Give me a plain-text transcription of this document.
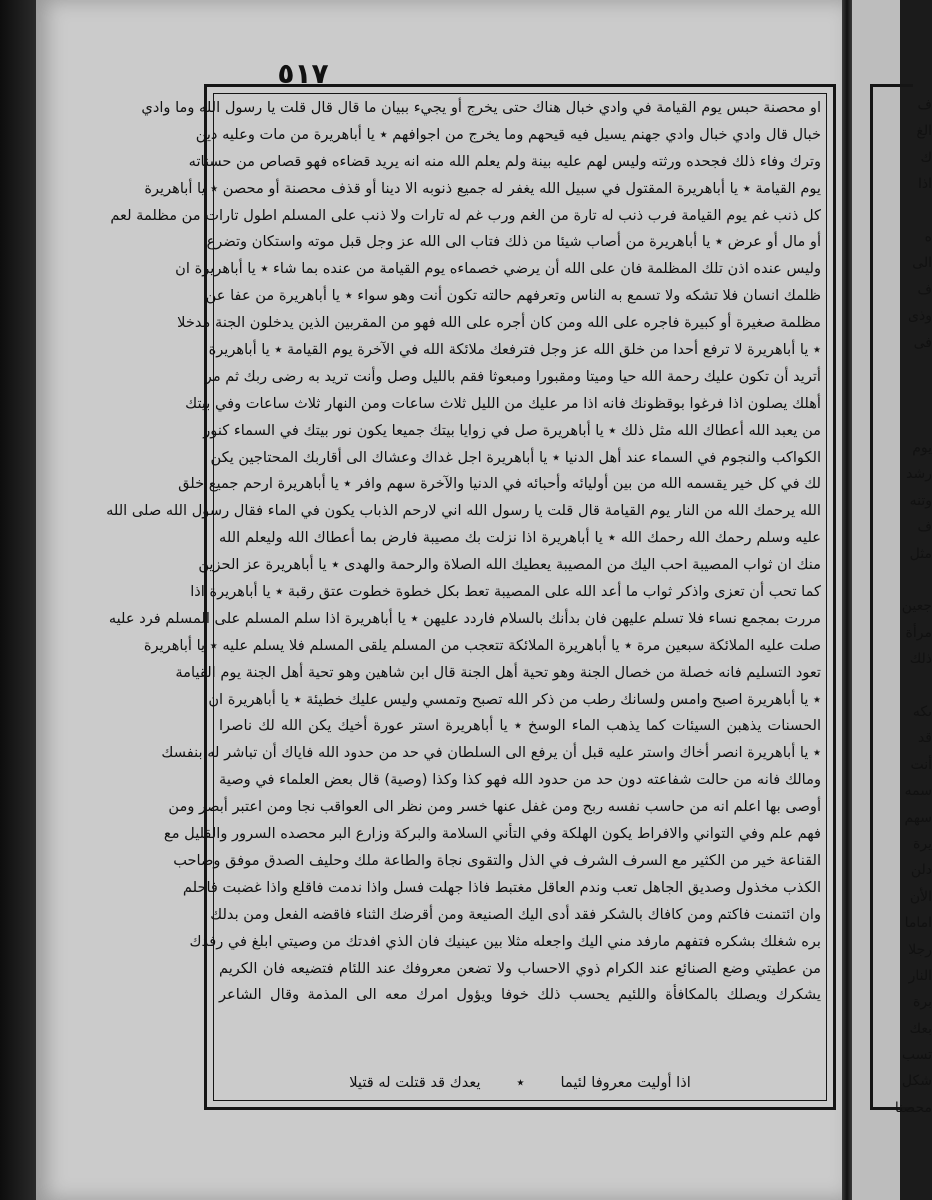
٥١٧
او محصنة حبس يوم القيامة في وادي خبال هناك حتى يخرج أو يجيء ببيان ما قال قال قلت يا رسول الله وما وادي
خبال قال وادي خبال وادي جهنم يسيل فيه قيحهم وما يخرج من اجوافهم ٭ يا أباهريرة من مات وعليه دين
وترك وفاء ذلك فجحده ورثته وليس لهم عليه بينة ولم يعلم الله منه انه يريد قضاءه فهو قصاص من حسناته
يوم القيامة ٭ يا أباهريرة المقتول في سبيل الله يغفر له جميع ذنوبه الا دينا أو قذف محصنة أو محصن ٭ يا أباهريرة
كل ذنب غم يوم القيامة فرب ذنب له تارة من الغم ورب غم له تارات ولا ذنب على المسلم اطول تارات من مظلمة لعم
أو مال أو عرض ٭ يا أباهريرة من أصاب شيئا من ذلك فتاب الى الله عز وجل قبل موته واستكان وتضرع
وليس عنده اذن تلك المظلمة فان على الله أن يرضي خصماءه يوم القيامة من عنده بما شاء ٭ يا أباهريرة ان
ظلمك انسان فلا تشكه ولا تسمع به الناس وتعرفهم حالته تكون أنت وهو سواء ٭ يا أباهريرة من عفا عن
مظلمة صغيرة أو كبيرة فاجره على الله ومن كان أجره على الله فهو من المقربين الذين يدخلون الجنة مدخلا
٭ يا أباهريرة لا ترفع أحدا من خلق الله عز وجل فترفعك ملائكة الله في الآخرة يوم القيامة ٭ يا أباهريرة
أتريد أن تكون عليك رحمة الله حيا وميتا ومقبورا ومبعوثا فقم بالليل وصل وأنت تريد به رضى ربك ثم مر
أهلك يصلون اذا فرغوا بوقظونك فانه اذا مر عليك من الليل ثلاث ساعات ومن النهار ثلاث ساعات وفي بيتك
من يعبد الله أعطاك الله مثل ذلك ٭ يا أباهريرة صل في زوايا بيتك جميعا يكون نور بيتك في السماء كنور
الكواكب والنجوم في السماء عند أهل الدنيا ٭ يا أباهريرة اجل غداك وعشاك الى أقاربك المحتاجين يكن
لك في كل خير يقسمه الله من بين أوليائه وأحبائه في الدنيا والآخرة سهم وافر ٭ يا أباهريرة ارحم جميع خلق
الله يرحمك الله من النار يوم القيامة قال قلت يا رسول الله اني لارحم الذباب يكون في الماء فقال رسول الله صلى الله
عليه وسلم رحمك الله رحمك الله ٭ يا أباهريرة اذا نزلت بك مصيبة فارض بما أعطاك الله وليعلم الله
منك ان ثواب المصيبة احب اليك من المصيبة يعطيك الله الصلاة والرحمة والهدى ٭ يا أباهريرة عز الحزين
كما تحب أن تعزى واذكر ثواب ما أعد الله على المصيبة تعط بكل خطوة خطوت عتق رقبة ٭ يا أباهريرة اذا
مررت بمجمع نساء فلا تسلم عليهن فان بدأنك بالسلام فاردد عليهن ٭ يا أباهريرة اذا سلم المسلم على المسلم فرد عليه
صلت عليه الملائكة سبعين مرة ٭ يا أباهريرة الملائكة تتعجب من المسلم يلقى المسلم فلا يسلم عليه ٭ يا أباهريرة
تعود التسليم فانه خصلة من خصال الجنة وهو تحية أهل الجنة قال ابن شاهين وهو تحية أهل الجنة يوم القيامة
٭ يا أباهريرة اصبح وامس ولسانك رطب من ذكر الله تصبح وتمسي وليس عليك خطيئة ٭ يا أباهريرة ان
الحسنات يذهبن السيئات كما يذهب الماء الوسخ ٭ يا أباهريرة استر عورة أخيك يكن الله لك ناصرا
٭ يا أباهريرة انصر أخاك واستر عليه قبل أن يرفع الى السلطان في حد من حدود الله فاياك أن تباشر له بنفسك
ومالك فانه من حالت شفاعته دون حد من حدود الله فهو كذا وكذا (وصية) قال بعض العلماء في وصية
أوصى بها اعلم انه من حاسب نفسه ربح ومن غفل عنها خسر ومن نظر الى العواقب نجا ومن اعتبر أبصر ومن
فهم علم وفي التواني والافراط يكون الهلكة وفي التأني السلامة والبركة وزارع البر محصده السرور والقليل مع
القناعة خير من الكثير مع السرف الشرف في الذل والتقوى نجاة والطاعة ملك وحليف الصدق موفق وصاحب
الكذب مخذول وصديق الجاهل تعب وندم العاقل مغتبط فاذا جهلت فسل واذا ندمت فاقلع واذا غضبت فاحلم
وان ائتمنت فاكتم ومن كافاك بالشكر فقد أدى اليك الصنيعة ومن أقرضك الثناء فاقضه الفعل ومن بدلك
بره شغلك بشكره فتفهم مارفد مني اليك واجعله مثلا بين عينيك فان الذي افدتك من وصيتي ابلغ في رفدك
من عطيتي وضع الصنائع عند الكرام ذوي الاحساب ولا تضعن معروفك عند اللئام فتضيعه فان الكريم
يشكرك ويصلك بالمكافأة واللئيم يحسب ذلك خوفا ويؤول امرك معه الى المذمة وقال الشاعر
اذا أوليت معروفا لئيما
٭
يعدك قد قتلت له قتيلا
ف
الغ
ك
اذا
ه
الى
ف
وذى
فى
يوم
رشد
وتنه
ف
مثل
جعين
مرأة
ذلك
ىكه
قد
أنت
سمه
سهم
يرة
دلن
الأن
اماما
رجلا
النار
برة
بعك
تسب
شكل
محصنا
